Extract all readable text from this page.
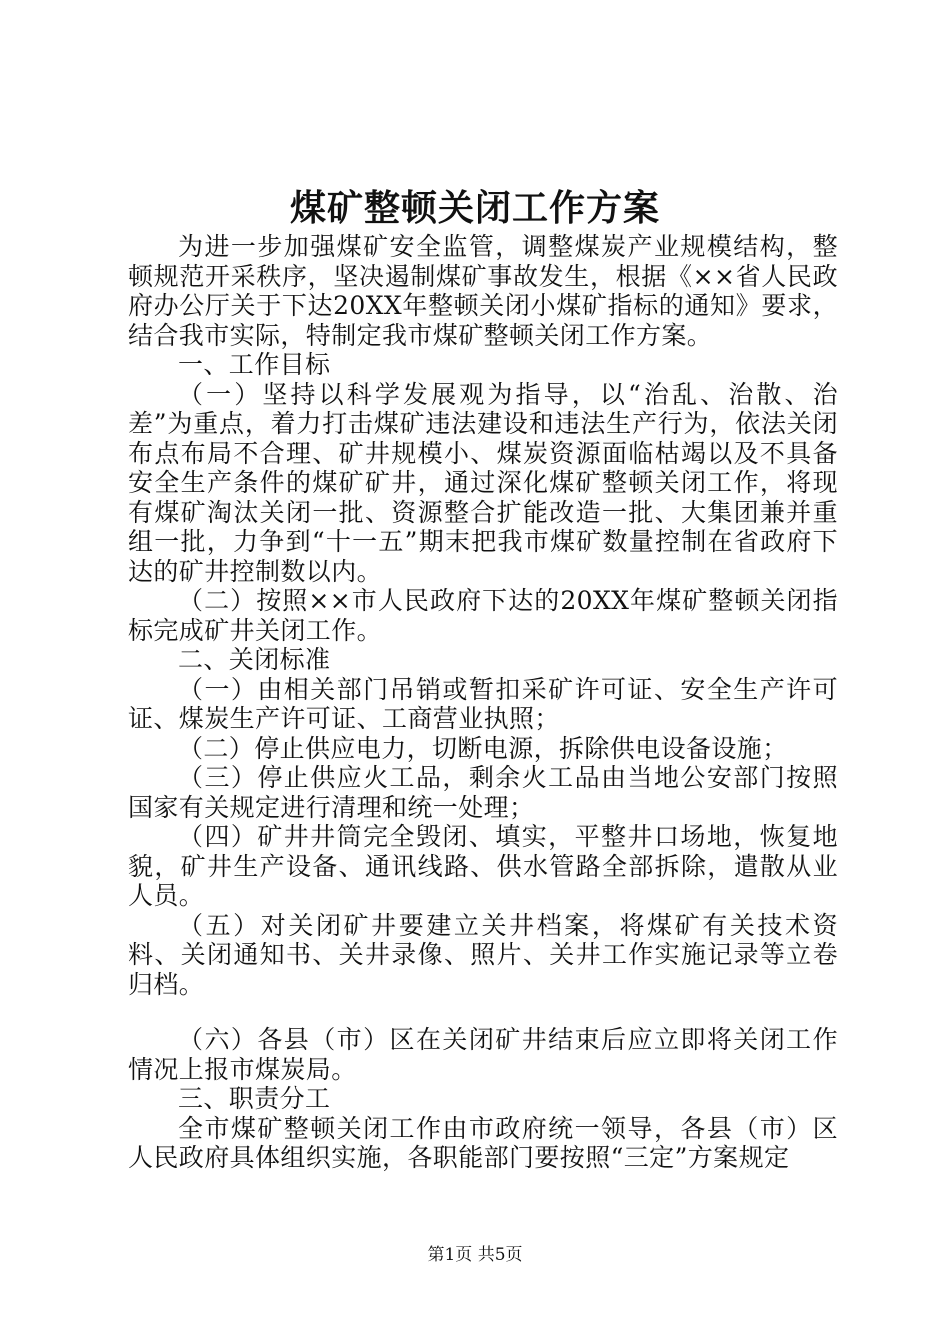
煤矿整顿关闭工作方案

为进一步加强煤矿安全监管，调整煤炭产业规模结构，整顿规范开采秩序，坚决遏制煤矿事故发生，根据《××省人民政府办公厅关于下达20XX年整顿关闭小煤矿指标的通知》要求，结合我市实际，特制定我市煤矿整顿关闭工作方案。

一、工作目标

（一）坚持以科学发展观为指导，以“治乱、治散、治差”为重点，着力打击煤矿违法建设和违法生产行为，依法关闭布点布局不合理、矿井规模小、煤炭资源面临枯竭以及不具备安全生产条件的煤矿矿井，通过深化煤矿整顿关闭工作，将现有煤矿淘汰关闭一批、资源整合扩能改造一批、大集团兼并重组一批，力争到“十一五”期末把我市煤矿数量控制在省政府下达的矿井控制数以内。

（二）按照××市人民政府下达的20XX年煤矿整顿关闭指标完成矿井关闭工作。

二、关闭标准

（一）由相关部门吊销或暂扣采矿许可证、安全生产许可证、煤炭生产许可证、工商营业执照；

（二）停止供应电力，切断电源，拆除供电设备设施；

（三）停止供应火工品，剩余火工品由当地公安部门按照国家有关规定进行清理和统一处理；

（四）矿井井筒完全毁闭、填实，平整井口场地，恢复地貌，矿井生产设备、通讯线路、供水管路全部拆除，遣散从业人员。

（五）对关闭矿井要建立关井档案，将煤矿有关技术资料、关闭通知书、关井录像、照片、关井工作实施记录等立卷归档。

（六）各县（市）区在关闭矿井结束后应立即将关闭工作情况上报市煤炭局。

三、职责分工

全市煤矿整顿关闭工作由市政府统一领导，各县（市）区人民政府具体组织实施，各职能部门要按照“三定”方案规定

第1页 共5页
